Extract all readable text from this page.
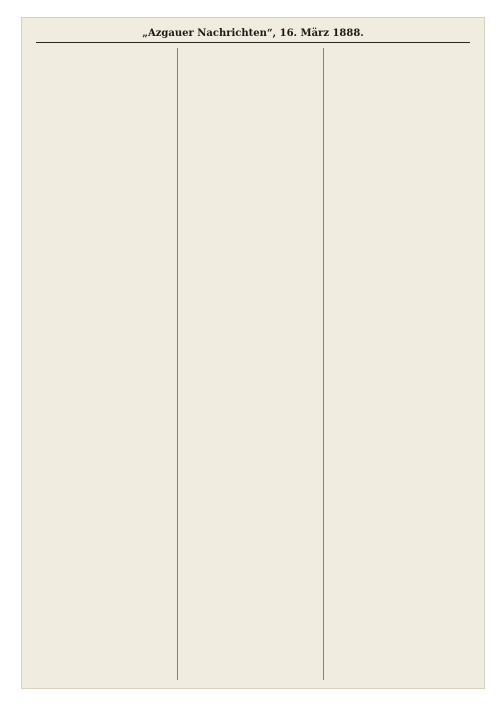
„Azgauer Nachrichten“, 16. März 1888.
